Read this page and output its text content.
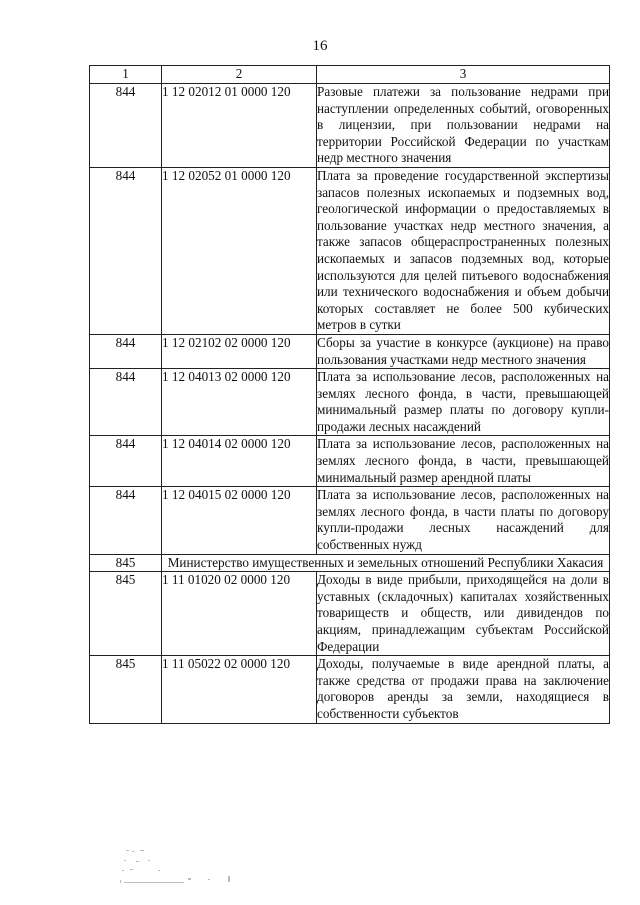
16
1	2	3
844	1 12 02012 01 0000 120	Разовые платежи за пользование недрами при наступлении определенных событий, оговоренных в лицензии, при пользовании недрами на территории Российской Федерации по участкам недр местного значения
844	1 12 02052 01 0000 120	Плата за проведение государственной экспертизы запасов полезных ископаемых и подземных вод, геологической информации о предоставляемых в пользование участках недр местного значения, а также запасов общераспространенных полезных ископаемых и запасов подземных вод, которые используются для целей питьевого водоснабжения или технического водоснабжения и объем добычи которых составляет не более 500 кубических метров в сутки
844	1 12 02102 02 0000 120	Сборы за участие в конкурсе (аукционе) на право пользования участками недр местного значения
844	1 12 04013 02 0000 120	Плата за использование лесов, расположенных на землях лесного фонда, в части, превышающей минимальный размер платы по договору купли-продажи лесных насаждений
844	1 12 04014 02 0000 120	Плата за использование лесов, расположенных на землях лесного фонда, в части, превышающей минимальный размер арендной платы
844	1 12 04015 02 0000 120	Плата за использование лесов, расположенных на землях лесного фонда, в части платы по договору купли-продажи лесных насаждений для собственных нужд
845	Министерство имущественных и земельных отношений Республики Хакасия	
845	1 11 01020 02 0000 120	Доходы в виде прибыли, приходящейся на доли в уставных (складочных) капиталах хозяйственных товариществ и обществ, или дивидендов по акциям, принадлежащим субъектам Российской Федерации
845	1 11 05022 02 0000 120	Доходы, получаемые в виде арендной платы, а также средства от продажи права на заключение договоров аренды за земли, находящиеся в собственности субъектов
